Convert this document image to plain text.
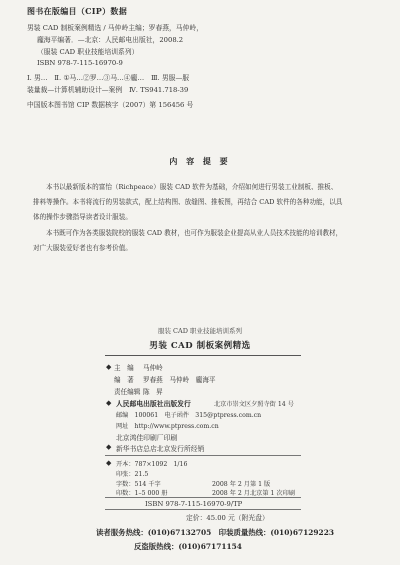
图书在版编目（CIP）数据
男装 CAD 制板案例精选 / 马仲岭主编；罗春燕，马仲岭，
龐海平编著．—北京：人民邮电出版社，2008.2
（服装 CAD 职业技能培训系列）
ISBN 978-7-115-16970-9
Ⅰ. 男…　Ⅱ. ①马…②罗…③马…④龐…　Ⅲ. 男服—服
装量裁—计算机辅助设计—案例　Ⅳ. TS941.718-39
中国版本图书馆 CIP 数据核字（2007）第 156456 号
内 容 提 要
本书以最新版本的富怡（Richpeace）服装 CAD 软件为基础，介绍如何进行男装工业制板、推板、
排料等操作。本书将流行的男装款式，配上结构图、放缝图、推板图，再结合 CAD 软件的各种功能，以具
体的操作步骤指导读者设计服装。
本书既可作为各类服装院校的服装 CAD 教材，也可作为服装企业提高从业人员技术技能的培训教材，
对广大服装爱好者也有参考价值。
服装 CAD 职业技能培训系列
男装 CAD 制板案例精选
◆ 主　编 马仲岭
编　著 罗春燕　马仲岭　龐海平
责任编辑 陈　昇
◆ 人民邮电出版社出版发行	北京市崇文区夕照寺街 14 号
邮编　100061　电子函件　315@ptpress.com.cn
网址　http://www.ptpress.com.cn
北京鸿佳印刷厂印刷
◆ 新华书店总店北京发行所经销
◆ 开本：787×1092　1/16
印张：21.5
字数：514 千字	2008 年 2 月第 1 版
印数：1–5 000 册	2008 年 2 月北京第 1 次印刷
ISBN 978-7-115-16970-9/TP
定价：45.00 元（附光盘）
读者服务热线：(010)67132705　印装质量热线：(010)67129223
反盗版热线：(010)67171154
